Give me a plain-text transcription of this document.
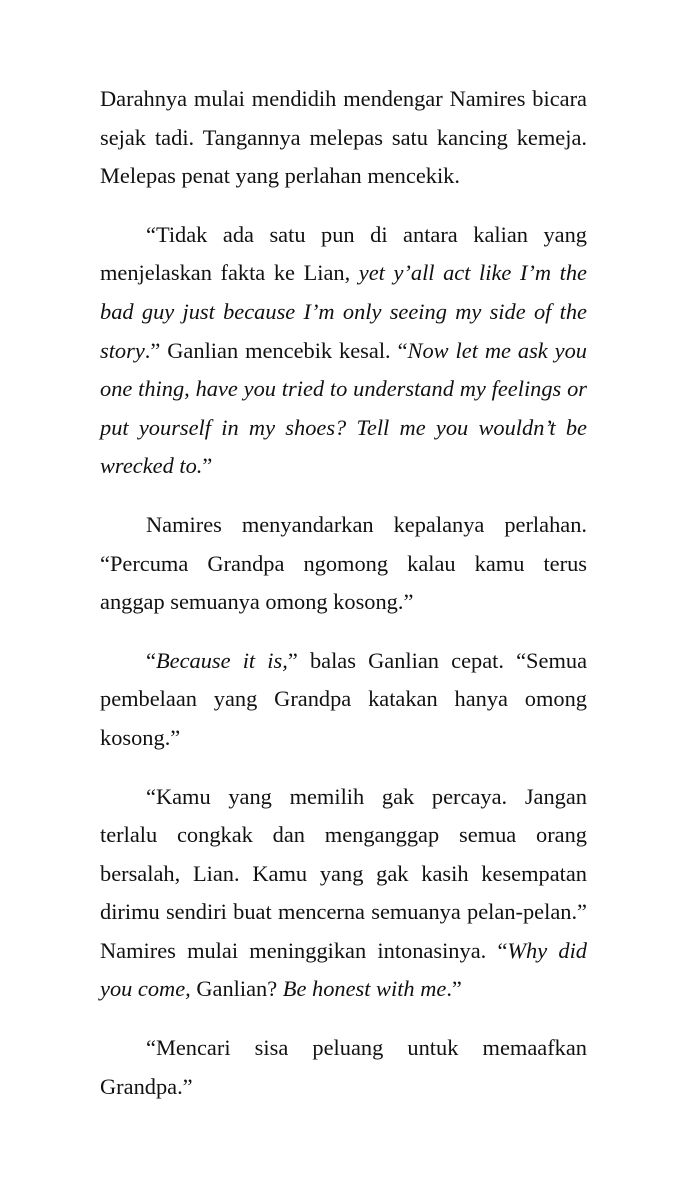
Darahnya mulai mendidih mendengar Namires bicara sejak tadi. Tangannya melepas satu kancing kemeja. Melepas penat yang perlahan mencekik.

“Tidak ada satu pun di antara kalian yang menjelaskan fakta ke Lian, yet y’all act like I’m the bad guy just because I’m only seeing my side of the story.” Ganlian mencebik kesal. “Now let me ask you one thing, have you tried to understand my feelings or put yourself in my shoes? Tell me you wouldn’t be wrecked to.”

Namires menyandarkan kepalanya perlahan. “Percuma Grandpa ngomong kalau kamu terus anggap semuanya omong kosong.”

“Because it is,” balas Ganlian cepat. “Semua pembelaan yang Grandpa katakan hanya omong kosong.”

“Kamu yang memilih gak percaya. Jangan terlalu congkak dan menganggap semua orang bersalah, Lian. Kamu yang gak kasih kesempatan dirimu sendiri buat mencerna semuanya pelan-pelan.” Namires mulai meninggikan intonasinya. “Why did you come, Ganlian? Be honest with me.”

“Mencari sisa peluang untuk memaafkan Grandpa.”
